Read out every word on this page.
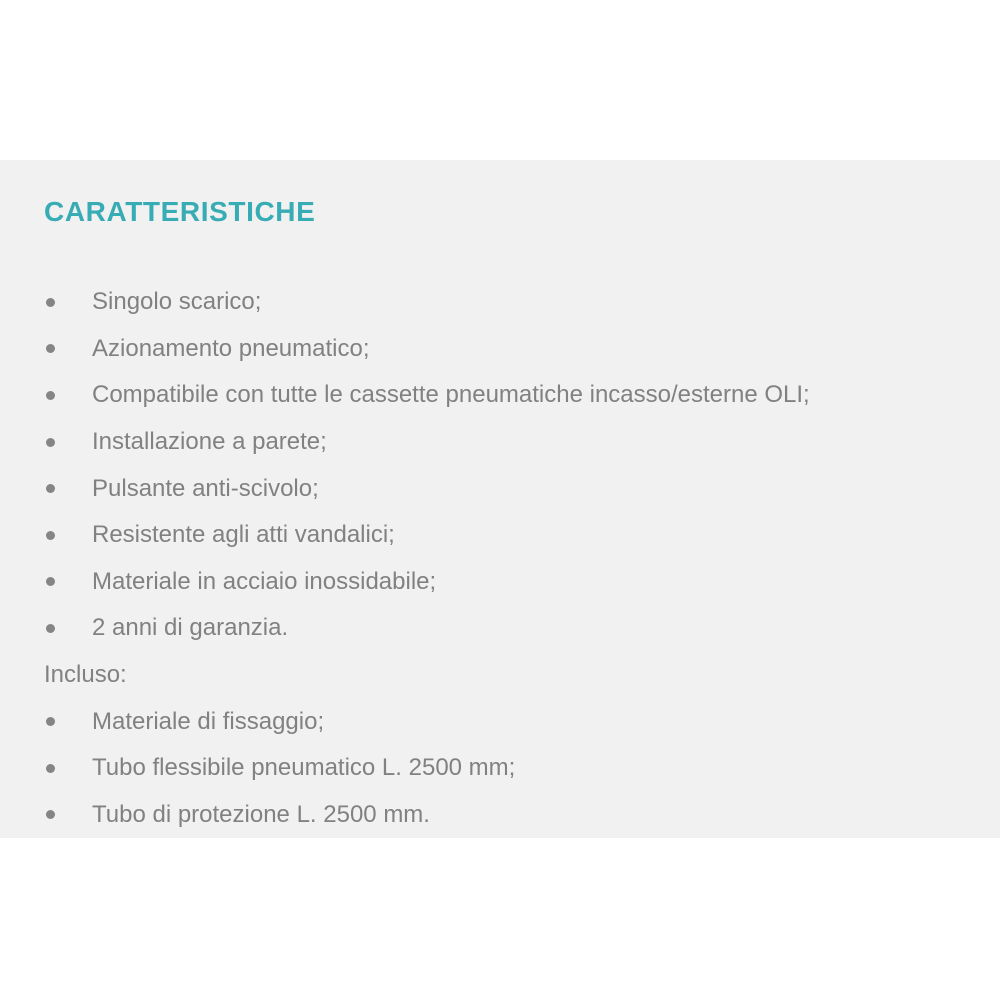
CARATTERISTICHE
Singolo scarico;
Azionamento pneumatico;
Compatibile con tutte le cassette pneumatiche incasso/esterne OLI;
Installazione a parete;
Pulsante anti-scivolo;
Resistente agli atti vandalici;
Materiale in acciaio inossidabile;
2 anni di garanzia.
Incluso:
Materiale di fissaggio;
Tubo flessibile pneumatico L. 2500 mm;
Tubo di protezione L. 2500 mm.
